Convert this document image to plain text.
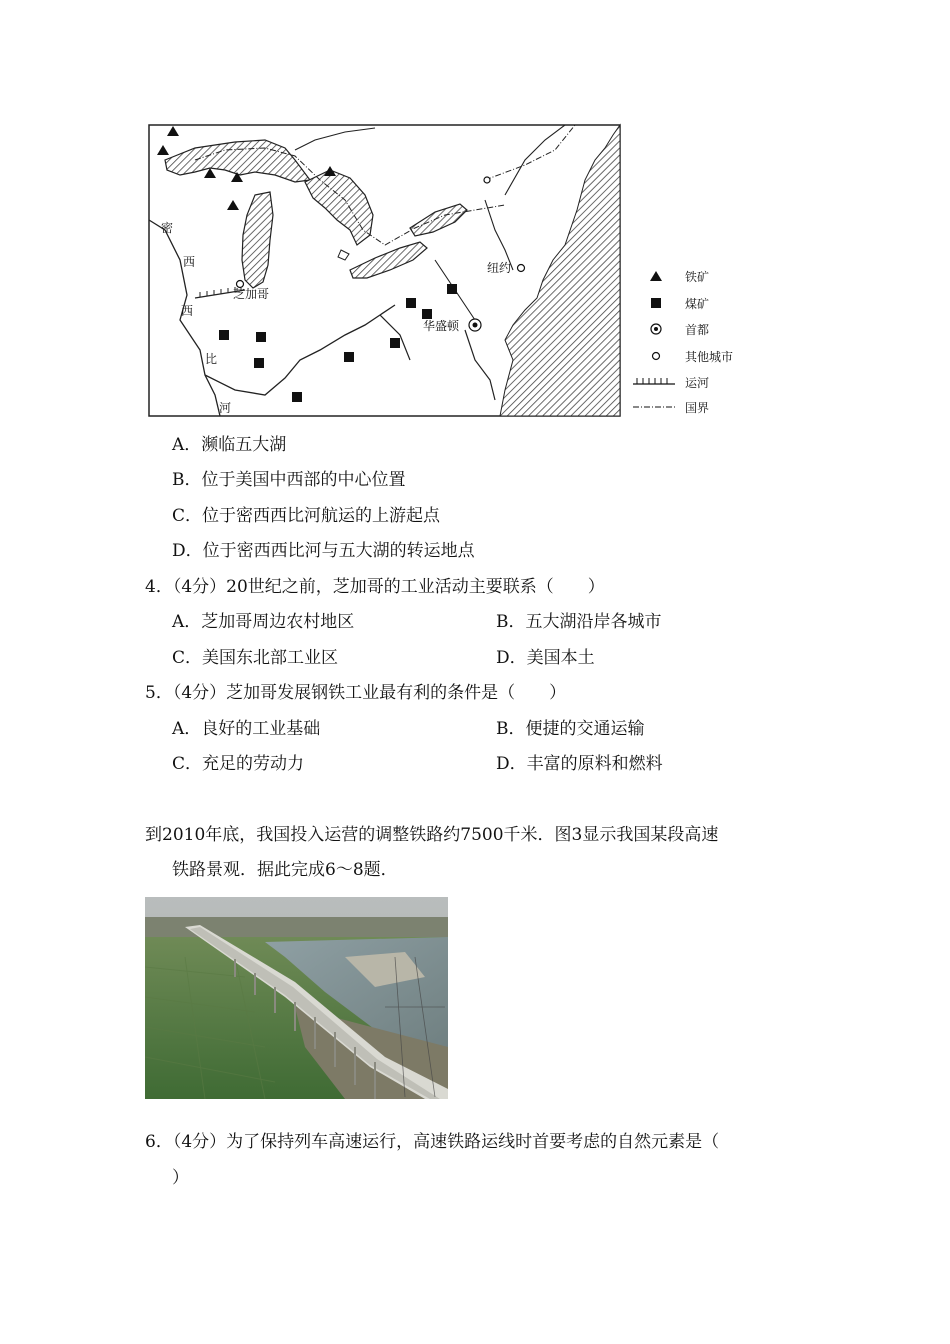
密
西
西
比
河
芝加哥
纽约
华盛顿
铁矿
煤矿
首都
其他城市
运河
国界
A．濒临五大湖
B．位于美国中西部的中心位置
C．位于密西西比河航运的上游起点
D．位于密西西比河与五大湖的转运地点
4．（4分）20世纪之前，芝加哥的工业活动主要联系（　　）
A．芝加哥周边农村地区	B．五大湖沿岸各城市
C．美国东北部工业区	D．美国本土
5．（4分）芝加哥发展钢铁工业最有利的条件是（　　）
A．良好的工业基础	B．便捷的交通运输
C．充足的劳动力	D．丰富的原料和燃料
到2010年底，我国投入运营的调整铁路约7500千米．图3显示我国某段高速
铁路景观．据此完成6～8题．
6．（4分）为了保持列车高速运行，高速铁路运线时首要考虑的自然元素是（
）
